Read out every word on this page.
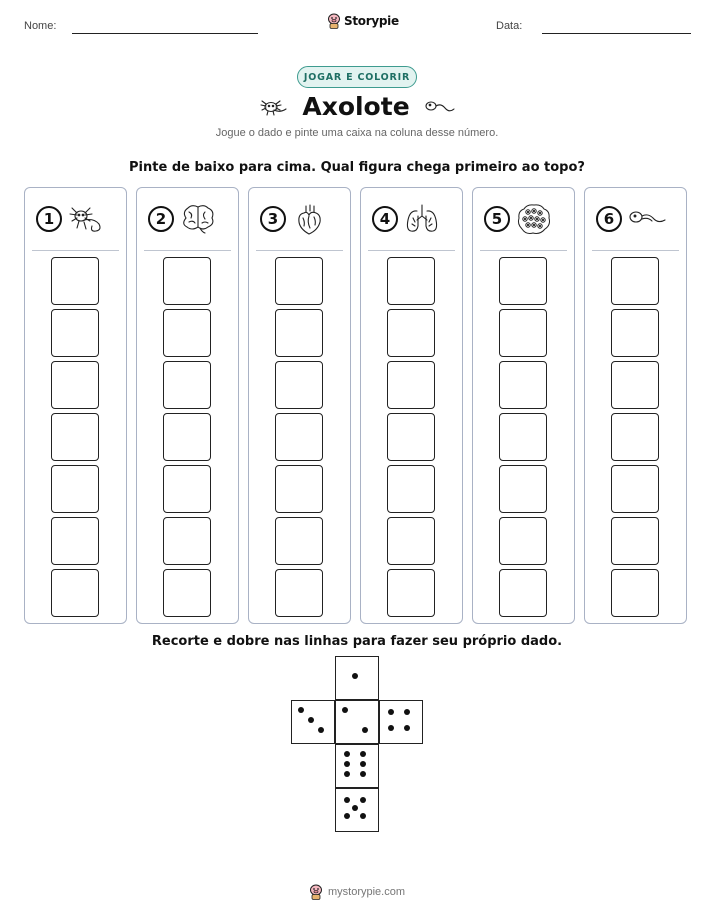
Nome:	Storypie	Data:
JOGAR E COLORIR
Axolote
Jogue o dado e pinte uma caixa na coluna desse número.
Pinte de baixo para cima. Qual figura chega primeiro ao topo?
1	2	3	4	5	6
Recorte e dobre nas linhas para fazer seu próprio dado.
mystorypie.com
